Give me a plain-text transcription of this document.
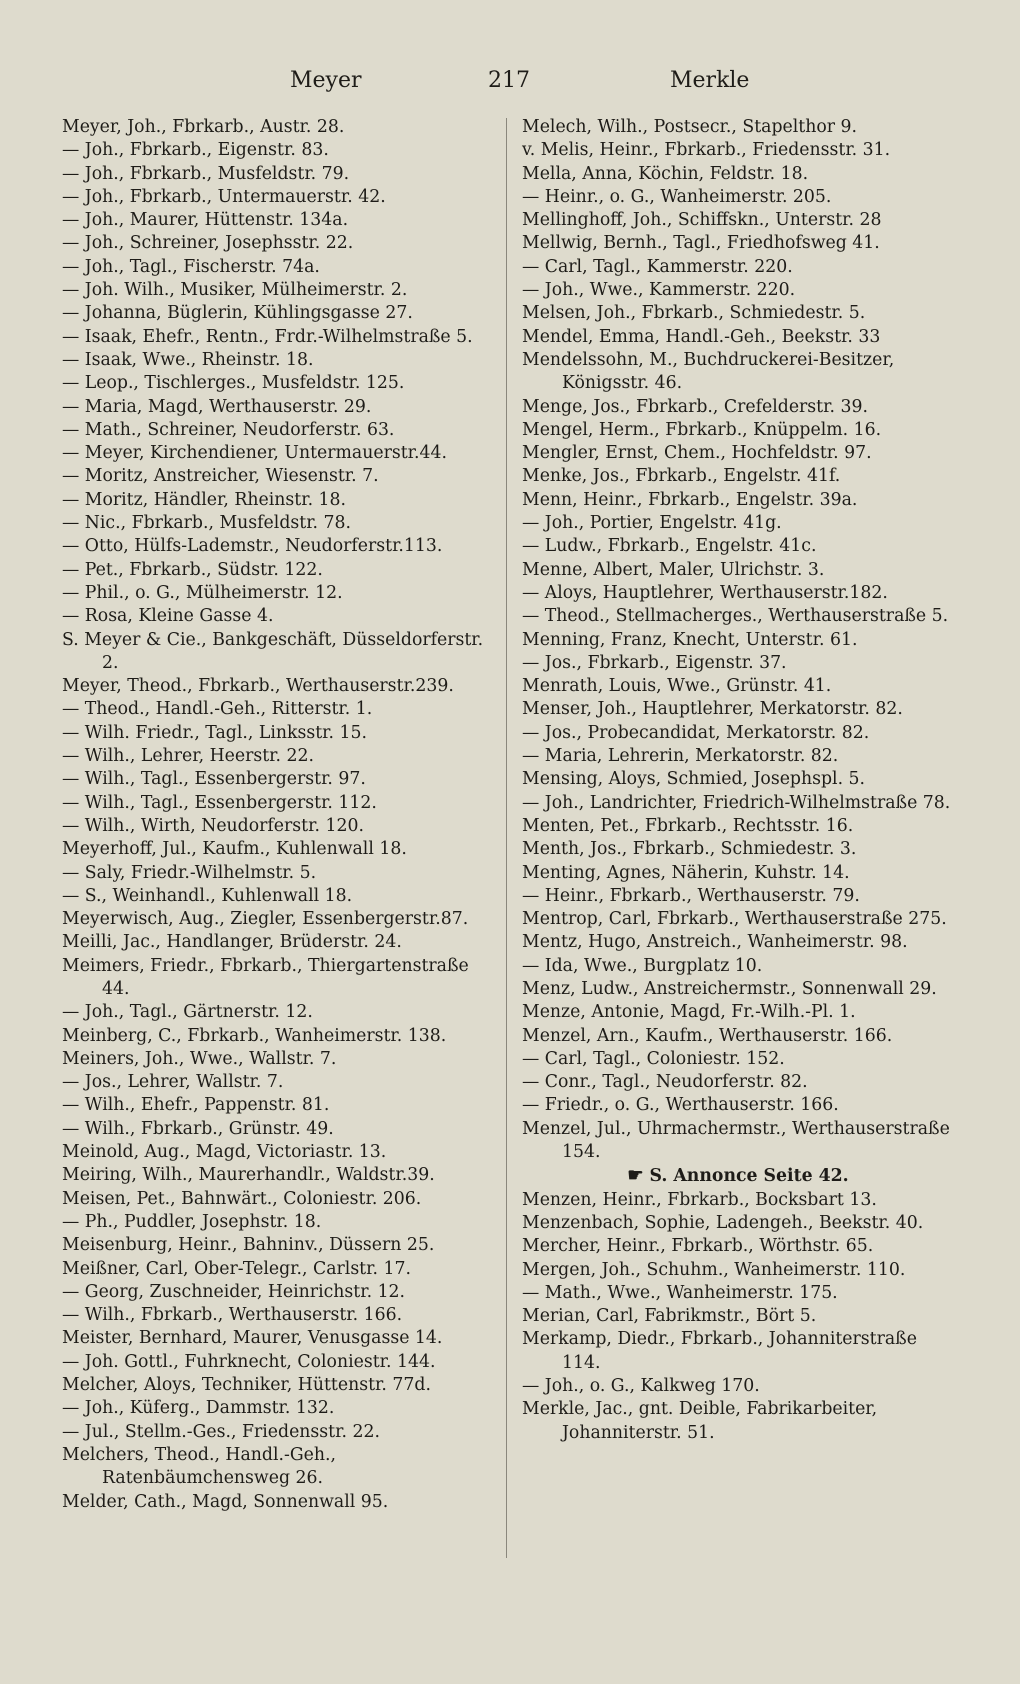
Meyer	217	Merkle
Meyer, Joh., Fbrkarb., Austr. 28.
— Joh., Fbrkarb., Eigenstr. 83.
— Joh., Fbrkarb., Musfeldstr. 79.
— Joh., Fbrkarb., Untermauerstr. 42.
— Joh., Maurer, Hüttenstr. 134a.
— Joh., Schreiner, Josephsstr. 22.
— Joh., Tagl., Fischerstr. 74a.
— Joh. Wilh., Musiker, Mülheimerstr. 2.
— Johanna, Büglerin, Kühlingsgasse 27.
— Isaak, Ehefr., Rentn., Frdr.-Wilhelmstraße 5.
— Isaak, Wwe., Rheinstr. 18.
— Leop., Tischlerges., Musfeldstr. 125.
— Maria, Magd, Werthauserstr. 29.
— Math., Schreiner, Neudorferstr. 63.
— Meyer, Kirchendiener, Untermauerstr.44.
— Moritz, Anstreicher, Wiesenstr. 7.
— Moritz, Händler, Rheinstr. 18.
— Nic., Fbrkarb., Musfeldstr. 78.
— Otto, Hülfs-Lademstr., Neudorferstr.113.
— Pet., Fbrkarb., Südstr. 122.
— Phil., o. G., Mülheimerstr. 12.
— Rosa, Kleine Gasse 4.
S. Meyer & Cie., Bankgeschäft, Düsseldorferstr. 2.
Meyer, Theod., Fbrkarb., Werthauserstr.239.
— Theod., Handl.-Geh., Ritterstr. 1.
— Wilh. Friedr., Tagl., Linksstr. 15.
— Wilh., Lehrer, Heerstr. 22.
— Wilh., Tagl., Essenbergerstr. 97.
— Wilh., Tagl., Essenbergerstr. 112.
— Wilh., Wirth, Neudorferstr. 120.
Meyerhoff, Jul., Kaufm., Kuhlenwall 18.
— Saly, Friedr.-Wilhelmstr. 5.
— S., Weinhandl., Kuhlenwall 18.
Meyerwisch, Aug., Ziegler, Essenbergerstr.87.
Meilli, Jac., Handlanger, Brüderstr. 24.
Meimers, Friedr., Fbrkarb., Thiergartenstraße 44.
— Joh., Tagl., Gärtnerstr. 12.
Meinberg, C., Fbrkarb., Wanheimerstr. 138.
Meiners, Joh., Wwe., Wallstr. 7.
— Jos., Lehrer, Wallstr. 7.
— Wilh., Ehefr., Pappenstr. 81.
— Wilh., Fbrkarb., Grünstr. 49.
Meinold, Aug., Magd, Victoriastr. 13.
Meiring, Wilh., Maurerhandlr., Waldstr.39.
Meisen, Pet., Bahnwärt., Coloniestr. 206.
— Ph., Puddler, Josephstr. 18.
Meisenburg, Heinr., Bahninv., Düssern 25.
Meißner, Carl, Ober-Telegr., Carlstr. 17.
— Georg, Zuschneider, Heinrichstr. 12.
— Wilh., Fbrkarb., Werthauserstr. 166.
Meister, Bernhard, Maurer, Venusgasse 14.
— Joh. Gottl., Fuhrknecht, Coloniestr. 144.
Melcher, Aloys, Techniker, Hüttenstr. 77d.
— Joh., Küferg., Dammstr. 132.
— Jul., Stellm.-Ges., Friedensstr. 22.
Melchers, Theod., Handl.-Geh., Ratenbäumchensweg 26.
Melder, Cath., Magd, Sonnenwall 95.
Melech, Wilh., Postsecr., Stapelthor 9.
v. Melis, Heinr., Fbrkarb., Friedensstr. 31.
Mella, Anna, Köchin, Feldstr. 18.
— Heinr., o. G., Wanheimerstr. 205.
Mellinghoff, Joh., Schiffskn., Unterstr. 28
Mellwig, Bernh., Tagl., Friedhofsweg 41.
— Carl, Tagl., Kammerstr. 220.
— Joh., Wwe., Kammerstr. 220.
Melsen, Joh., Fbrkarb., Schmiedestr. 5.
Mendel, Emma, Handl.-Geh., Beekstr. 33
Mendelssohn, M., Buchdruckerei-Besitzer, Königsstr. 46.
Menge, Jos., Fbrkarb., Crefelderstr. 39.
Mengel, Herm., Fbrkarb., Knüppelm. 16.
Mengler, Ernst, Chem., Hochfeldstr. 97.
Menke, Jos., Fbrkarb., Engelstr. 41f.
Menn, Heinr., Fbrkarb., Engelstr. 39a.
— Joh., Portier, Engelstr. 41g.
— Ludw., Fbrkarb., Engelstr. 41c.
Menne, Albert, Maler, Ulrichstr. 3.
— Aloys, Hauptlehrer, Werthauserstr.182.
— Theod., Stellmacherges., Werthauserstraße 5.
Menning, Franz, Knecht, Unterstr. 61.
— Jos., Fbrkarb., Eigenstr. 37.
Menrath, Louis, Wwe., Grünstr. 41.
Menser, Joh., Hauptlehrer, Merkatorstr. 82.
— Jos., Probecandidat, Merkatorstr. 82.
— Maria, Lehrerin, Merkatorstr. 82.
Mensing, Aloys, Schmied, Josephspl. 5.
— Joh., Landrichter, Friedrich-Wilhelmstraße 78.
Menten, Pet., Fbrkarb., Rechtsstr. 16.
Menth, Jos., Fbrkarb., Schmiedestr. 3.
Menting, Agnes, Näherin, Kuhstr. 14.
— Heinr., Fbrkarb., Werthauserstr. 79.
Mentrop, Carl, Fbrkarb., Werthauserstraße 275.
Mentz, Hugo, Anstreich., Wanheimerstr. 98.
— Ida, Wwe., Burgplatz 10.
Menz, Ludw., Anstreichermstr., Sonnenwall 29.
Menze, Antonie, Magd, Fr.-Wilh.-Pl. 1.
Menzel, Arn., Kaufm., Werthauserstr. 166.
— Carl, Tagl., Coloniestr. 152.
— Conr., Tagl., Neudorferstr. 82.
— Friedr., o. G., Werthauserstr. 166.
Menzel, Jul., Uhrmachermstr., Werthauserstraße 154.
☛ S. Annonce Seite 42.
Menzen, Heinr., Fbrkarb., Bocksbart 13.
Menzenbach, Sophie, Ladengeh., Beekstr. 40.
Mercher, Heinr., Fbrkarb., Wörthstr. 65.
Mergen, Joh., Schuhm., Wanheimerstr. 110.
— Math., Wwe., Wanheimerstr. 175.
Merian, Carl, Fabrikmstr., Bört 5.
Merkamp, Diedr., Fbrkarb., Johanniterstraße 114.
— Joh., o. G., Kalkweg 170.
Merkle, Jac., gnt. Deible, Fabrikarbeiter, Johanniterstr. 51.
